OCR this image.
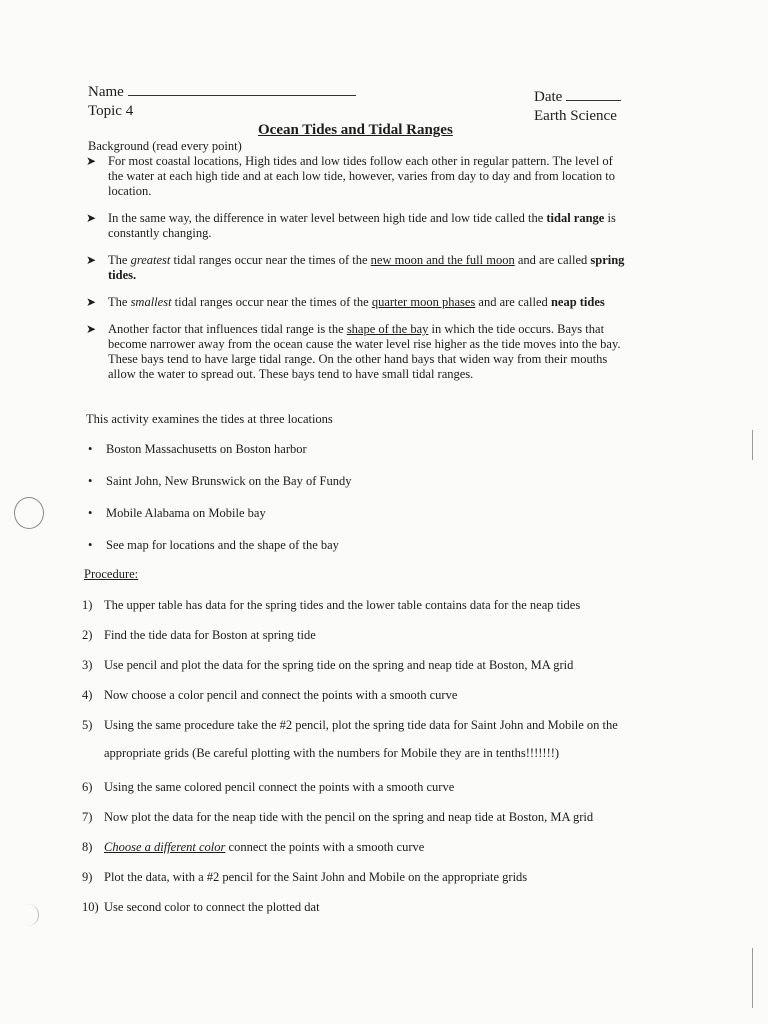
Name
Topic 4
Date
Earth Science
Ocean Tides and Tidal Ranges
Background (read every point)
➤ For most coastal locations, High tides and low tides follow each other in regular pattern. The level of the water at each high tide and at each low tide, however, varies from day to day and from location to location.
➤ In the same way, the difference in water level between high tide and low tide called the tidal range is constantly changing.
➤ The greatest tidal ranges occur near the times of the new moon and the full moon and are called spring tides.
➤ The smallest tidal ranges occur near the times of the quarter moon phases and are called neap tides
➤ Another factor that influences tidal range is the shape of the bay in which the tide occurs. Bays that become narrower away from the ocean cause the water level rise higher as the tide moves into the bay. These bays tend to have large tidal range. On the other hand bays that widen way from their mouths allow the water to spread out. These bays tend to have small tidal ranges.
This activity examines the tides at three locations
• Boston Massachusetts on Boston harbor
• Saint John, New Brunswick on the Bay of Fundy
• Mobile Alabama on Mobile bay
• See map for locations and the shape of the bay
Procedure:
1) The upper table has data for the spring tides and the lower table contains data for the neap tides
2) Find the tide data for Boston at spring tide
3) Use pencil and plot the data for the spring tide on the spring and neap tide at Boston, MA grid
4) Now choose a color pencil and connect the points with a smooth curve
5) Using the same procedure take the #2 pencil, plot the spring tide data for Saint John and Mobile on the
appropriate grids (Be careful plotting with the numbers for Mobile they are in tenths!!!!!!!)
6) Using the same colored pencil connect the points with a smooth curve
7) Now plot the data for the neap tide with the pencil on the spring and neap tide at Boston, MA grid
8) Choose a different color connect the points with a smooth curve
9) Plot the data, with a #2 pencil for the Saint John and Mobile on the appropriate grids
10) Use second color to connect the plotted dat
